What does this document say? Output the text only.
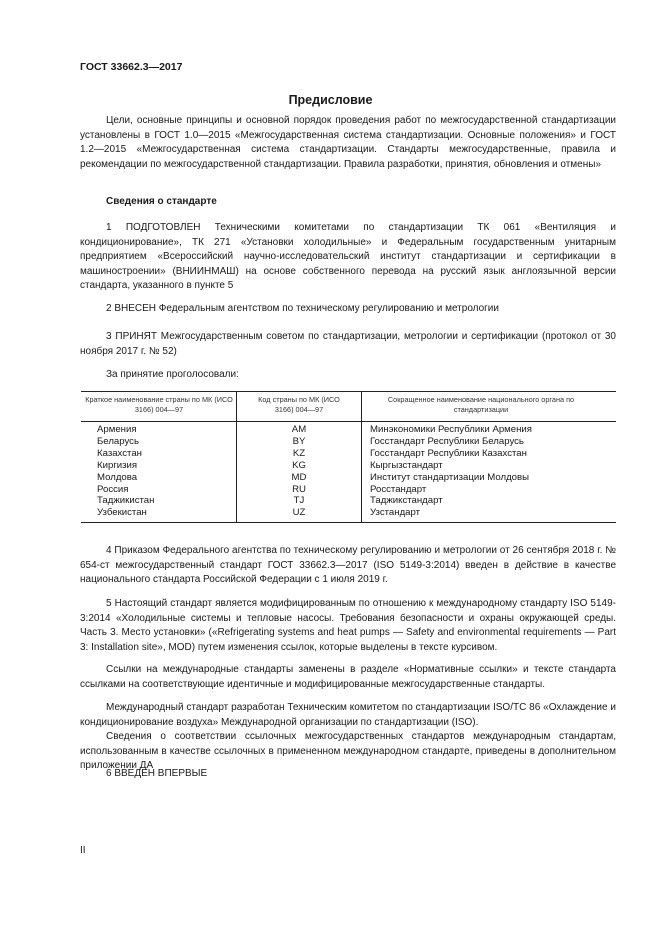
ГОСТ 33662.3—2017
Предисловие

Цели, основные принципы и основной порядок проведения работ по межгосударственной стандартизации установлены в ГОСТ 1.0—2015 «Межгосударственная система стандартизации. Основные положения» и ГОСТ 1.2—2015 «Межгосударственная система стандартизации. Стандарты межгосударственные, правила и рекомендации по межгосударственной стандартизации. Правила разработки, принятия, обновления и отмены»

Сведения о стандарте

1 ПОДГОТОВЛЕН Техническими комитетами по стандартизации ТК 061 «Вентиляция и кондиционирование», ТК 271 «Установки холодильные» и Федеральным государственным унитарным предприятием «Всероссийский научно-исследовательский институт стандартизации и сертификации в машиностроении» (ВНИИНМАШ) на основе собственного перевода на русский язык англоязычной версии стандарта, указанного в пункте 5

2 ВНЕСЕН Федеральным агентством по техническому регулированию и метрологии

3 ПРИНЯТ Межгосударственным советом по стандартизации, метрологии и сертификации (протокол от 30 ноября 2017 г. № 52)

За принятие проголосовали:
Краткое наименование страны по МК (ИСО 3166) 004—97
Код страны по МК (ИСО 3166) 004—97
Сокращенное наименование национального органа по стандартизации
Армения
Беларусь
Казахстан
Киргизия
Молдова
Россия
Таджикистан
Узбекистан
AM
BY
KZ
KG
MD
RU
TJ
UZ
Минэкономики Республики Армения
Госстандарт Республики Беларусь
Госстандарт Республики Казахстан
Кыргызстандарт
Институт стандартизации Молдовы
Росстандарт
Таджикстандарт
Узстандарт

4 Приказом Федерального агентства по техническому регулированию и метрологии от 26 сентября 2018 г. № 654-ст межгосударственный стандарт ГОСТ 33662.3—2017 (ISO 5149-3:2014) введен в действие в качестве национального стандарта Российской Федерации с 1 июля 2019 г.

5 Настоящий стандарт является модифицированным по отношению к международному стандарту ISO 5149-3:2014 «Холодильные системы и тепловые насосы. Требования безопасности и охраны окружающей среды. Часть 3. Место установки» («Refrigerating systems and heat pumps — Safety and environmental requirements — Part 3: Installation site», MOD) путем изменения ссылок, которые выделены в тексте курсивом.

Ссылки на международные стандарты заменены в разделе «Нормативные ссылки» и тексте стандарта ссылками на соответствующие идентичные и модифицированные межгосударственные стандарты.

Международный стандарт разработан Техническим комитетом по стандартизации ISO/TC 86 «Охлаждение и кондиционирование воздуха» Международной организации по стандартизации (ISO).

Сведения о соответствии ссылочных межгосударственных стандартов международным стандартам, использованным в качестве ссылочных в примененном международном стандарте, приведены в дополнительном приложении ДА

6 ВВЕДЕН ВПЕРВЫЕ

II
